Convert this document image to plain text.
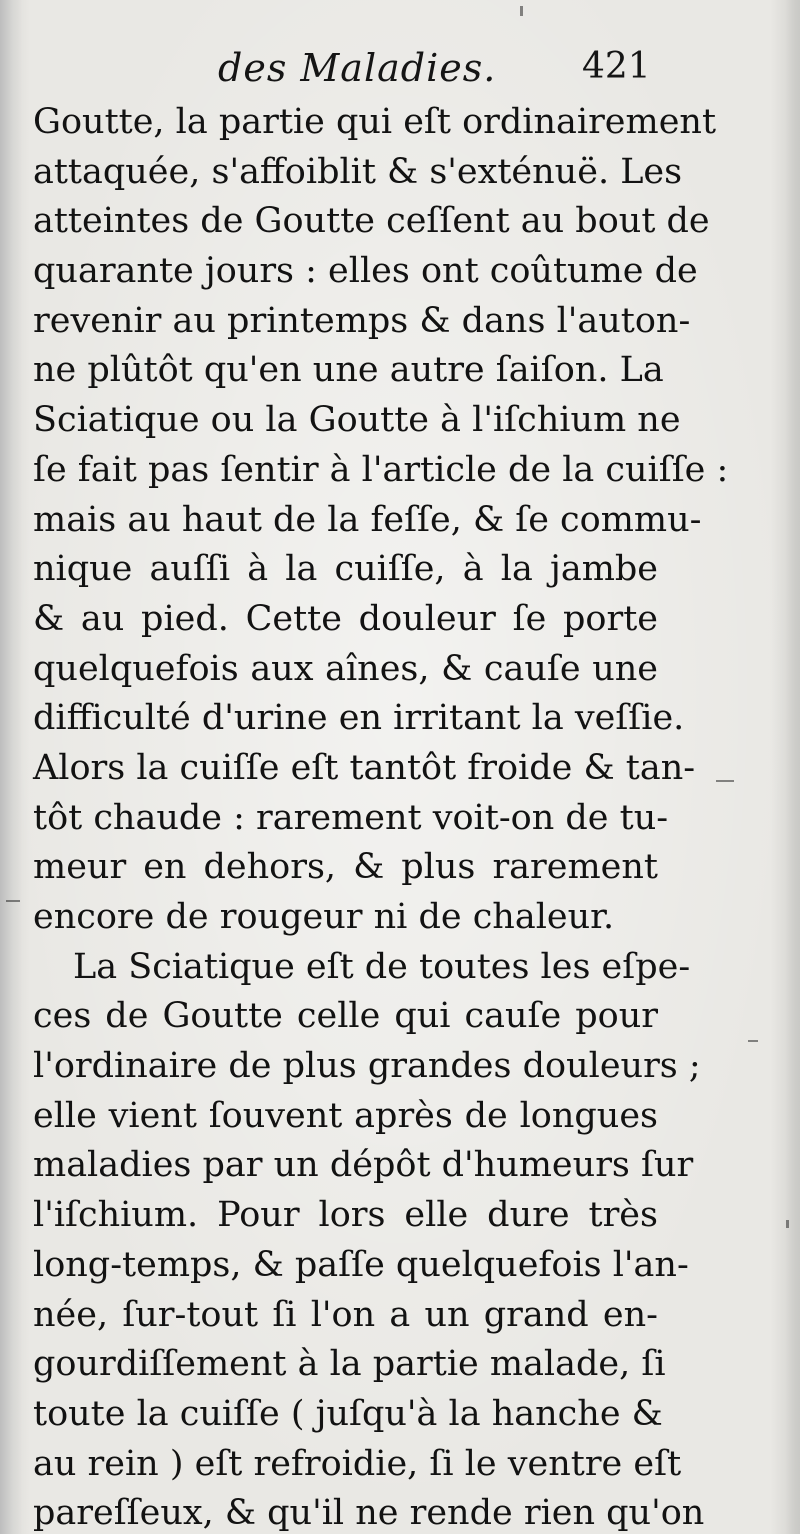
des Maladies. 421
Goutte, la partie qui eſt ordinairement
attaquée, s'affoiblit & s'exténuë. Les
atteintes de Goutte ceſſent au bout de
quarante jours : elles ont coûtume de
revenir au printemps & dans l'auton-
ne plûtôt qu'en une autre ſaiſon. La
Sciatique ou la Goutte à l'iſchium ne
ſe fait pas ſentir à l'article de la cuiſſe :
mais au haut de la feſſe, & ſe commu-
nique auſſi à la cuiſſe, à la jambe
& au pied. Cette douleur ſe porte
quelquefois aux aînes, & cauſe une
difficulté d'urine en irritant la veſſie.
Alors la cuiſſe eſt tantôt froide & tan-
tôt chaude : rarement voit-on de tu-
meur en dehors, & plus rarement
encore de rougeur ni de chaleur.
La Sciatique eſt de toutes les eſpe-
ces de Goutte celle qui cauſe pour
l'ordinaire de plus grandes douleurs ;
elle vient ſouvent après de longues
maladies par un dépôt d'humeurs ſur
l'iſchium. Pour lors elle dure très
long-temps, & paſſe quelquefois l'an-
née, ſur-tout ſi l'on a un grand en-
gourdiſſement à la partie malade, ſi
toute la cuiſſe ( juſqu'à la hanche &
au rein ) eſt refroidie, ſi le ventre eſt
pareſſeux, & qu'il ne rende rien qu'on
